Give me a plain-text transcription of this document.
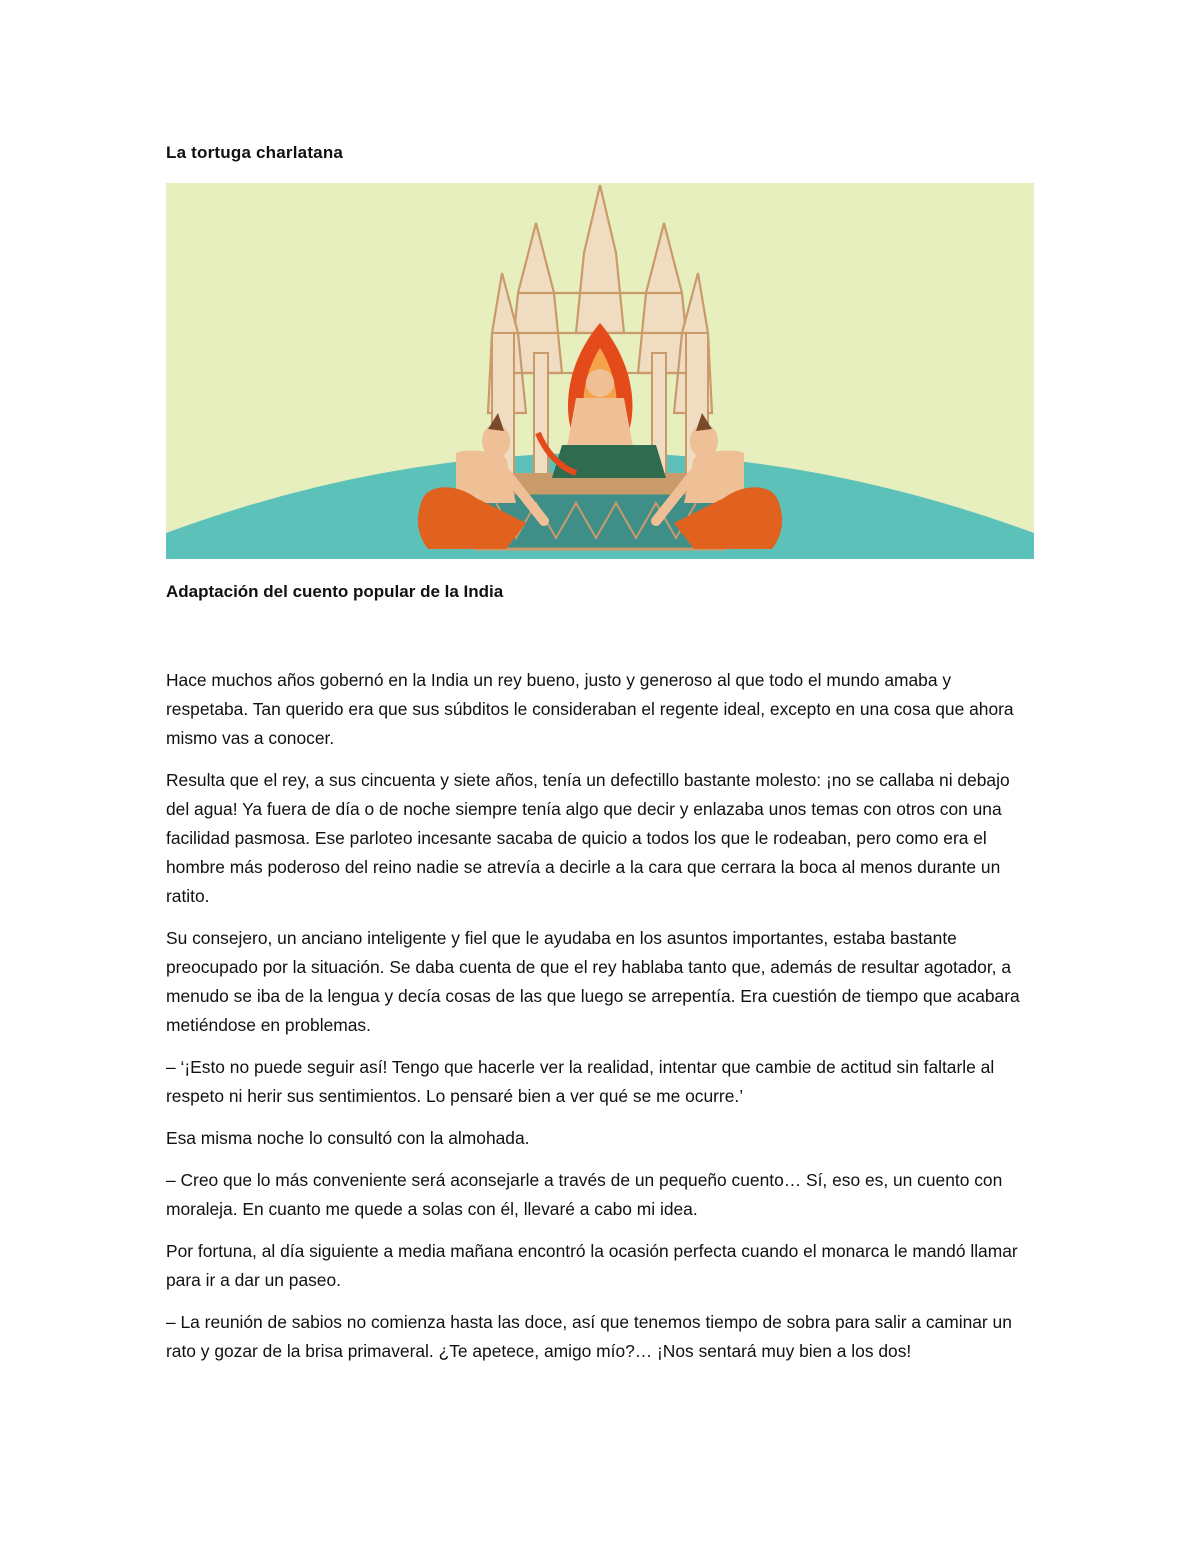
La tortuga charlatana
Adaptación del cuento popular de la India

Hace muchos años gobernó en la India un rey bueno, justo y generoso al que todo el mundo amaba y respetaba. Tan querido era que sus súbditos le consideraban el regente ideal, excepto en una cosa que ahora mismo vas a conocer.

Resulta que el rey, a sus cincuenta y siete años, tenía un defectillo bastante molesto: ¡no se callaba ni debajo del agua! Ya fuera de día o de noche siempre tenía algo que decir y enlazaba unos temas con otros con una facilidad pasmosa. Ese parloteo incesante sacaba de quicio a todos los que le rodeaban, pero como era el hombre más poderoso del reino nadie se atrevía a decirle a la cara que cerrara la boca al menos durante un ratito.

Su consejero, un anciano inteligente y fiel que le ayudaba en los asuntos importantes, estaba bastante preocupado por la situación. Se daba cuenta de que el rey hablaba tanto que, además de resultar agotador, a menudo se iba de la lengua y decía cosas de las que luego se arrepentía. Era cuestión de tiempo que acabara metiéndose en problemas.

– ‘¡Esto no puede seguir así! Tengo que hacerle ver la realidad, intentar que cambie de actitud sin faltarle al respeto ni herir sus sentimientos. Lo pensaré bien a ver qué se me ocurre.’

Esa misma noche lo consultó con la almohada.

– Creo que lo más conveniente será aconsejarle a través de un pequeño cuento… Sí, eso es, un cuento con moraleja. En cuanto me quede a solas con él, llevaré a cabo mi idea.

Por fortuna, al día siguiente a media mañana encontró la ocasión perfecta cuando el monarca le mandó llamar para ir a dar un paseo.

– La reunión de sabios no comienza hasta las doce, así que tenemos tiempo de sobra para salir a caminar un rato y gozar de la brisa primaveral. ¿Te apetece, amigo mío?… ¡Nos sentará muy bien a los dos!
